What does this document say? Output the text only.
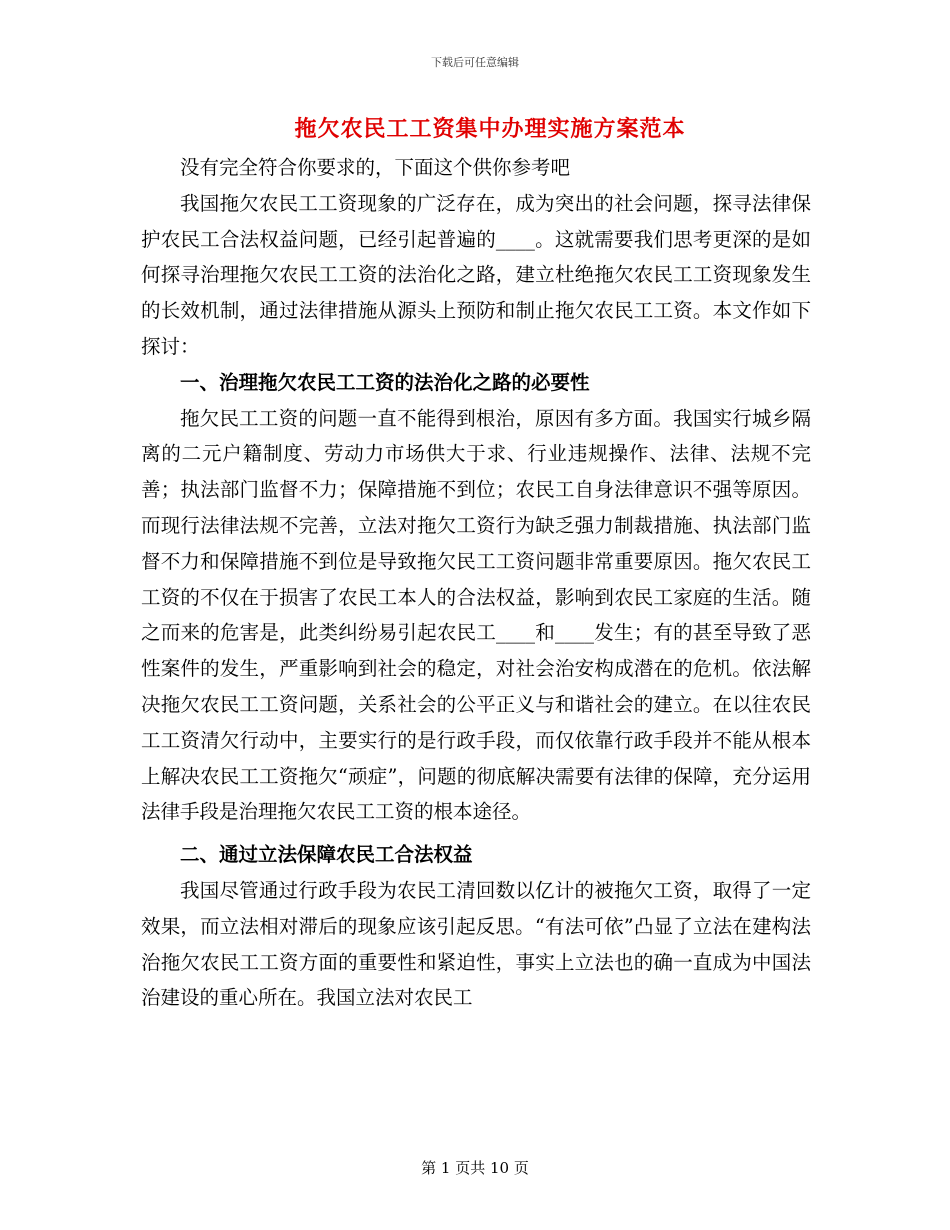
下载后可任意编辑
拖欠农民工工资集中办理实施方案范本

没有完全符合你要求的，下面这个供你参考吧

我国拖欠农民工工资现象的广泛存在，成为突出的社会问题，探寻法律保护农民工合法权益问题，已经引起普遍的____。这就需要我们思考更深的是如何探寻治理拖欠农民工工资的法治化之路，建立杜绝拖欠农民工工资现象发生的长效机制，通过法律措施从源头上预防和制止拖欠农民工工资。本文作如下探讨：

一、治理拖欠农民工工资的法治化之路的必要性

拖欠民工工资的问题一直不能得到根治，原因有多方面。我国实行城乡隔离的二元户籍制度、劳动力市场供大于求、行业违规操作、法律、法规不完善；执法部门监督不力；保障措施不到位；农民工自身法律意识不强等原因。而现行法律法规不完善，立法对拖欠工资行为缺乏强力制裁措施、执法部门监督不力和保障措施不到位是导致拖欠民工工资问题非常重要原因。拖欠农民工工资的不仅在于损害了农民工本人的合法权益，影响到农民工家庭的生活。随之而来的危害是，此类纠纷易引起农民工____和____发生；有的甚至导致了恶性案件的发生，严重影响到社会的稳定，对社会治安构成潜在的危机。依法解决拖欠农民工工资问题，关系社会的公平正义与和谐社会的建立。在以往农民工工资清欠行动中，主要实行的是行政手段，而仅依靠行政手段并不能从根本上解决农民工工资拖欠“顽症”，问题的彻底解决需要有法律的保障，充分运用法律手段是治理拖欠农民工工资的根本途径。

二、通过立法保障农民工合法权益

我国尽管通过行政手段为农民工清回数以亿计的被拖欠工资，取得了一定效果，而立法相对滞后的现象应该引起反思。“有法可依”凸显了立法在建构法治拖欠农民工工资方面的重要性和紧迫性，事实上立法也的确一直成为中国法治建设的重心所在。我国立法对农民工

第 1 页共 10 页
